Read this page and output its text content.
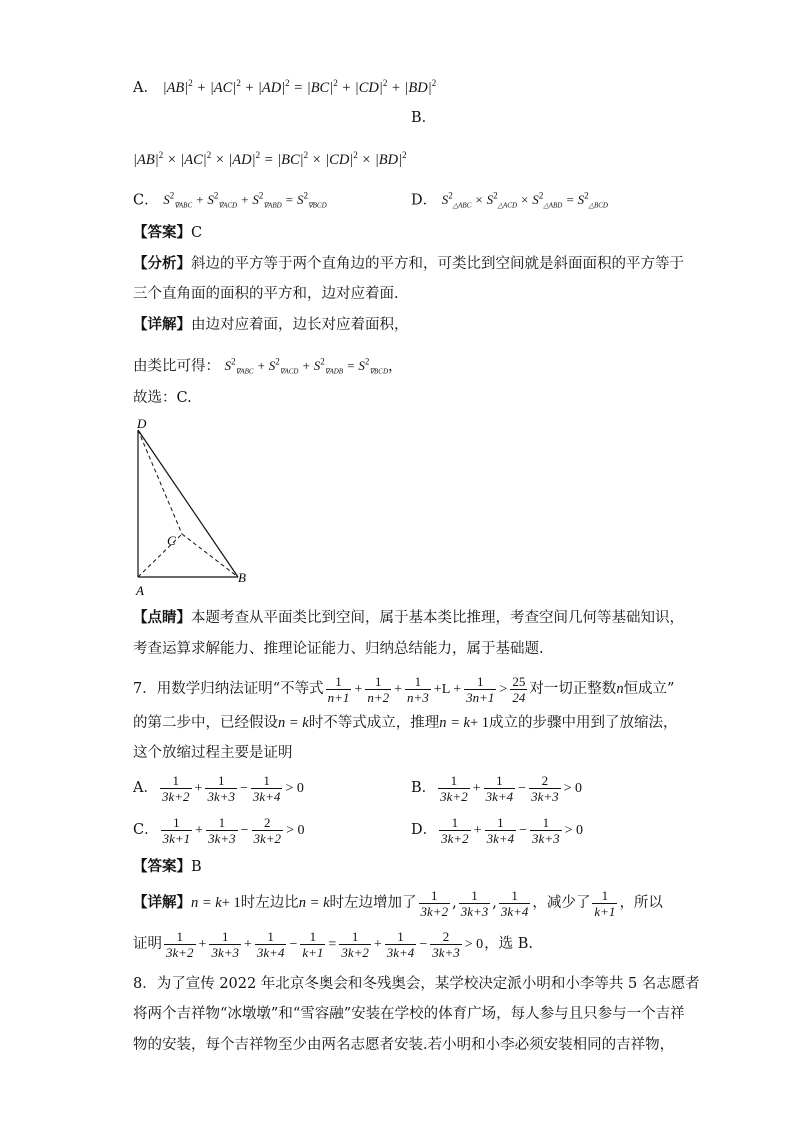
A． $|AB|^2 + |AC|^2 + |AD|^2 = |BC|^2 + |CD|^2 + |BD|^2$
B．
$|AB|^2 \times |AC|^2 \times |AD|^2 = |BC|^2 \times |CD|^2 \times |BD|^2$
C． $S^2_{\nabla ABC} + S^2_{\nabla ACD} + S^2_{\nabla ABD} = S^2_{\nabla BCD}$	D． $S^2_{\triangle ABC} \times S^2_{\triangle ACD} \times S^2_{\triangle ABD} = S^2_{\triangle BCD}$
【答案】C
【分析】斜边的平方等于两个直角边的平方和，可类比到空间就是斜面面积的平方等于
三个直角面的面积的平方和，边对应着面.
【详解】由边对应着面，边长对应着面积，
由类比可得： $S^2_{\nabla ABC} + S^2_{\nabla ACD} + S^2_{\nabla ADB} = S^2_{\nabla BCD}$，
故选：C.
D
C
A
B
【点睛】本题考查从平面类比到空间，属于基本类比推理，考查空间几何等基础知识，
考查运算求解能力、推理论证能力、归纳总结能力，属于基础题.
7．用数学归纳法证明“不等式 $\frac{1}{n+1} + \frac{1}{n+2} + \frac{1}{n+3} +L + \frac{1}{3n+1} > \frac{25}{24}$ 对一切正整数n恒成立”
的第二步中，已经假设n = k时不等式成立，推理n = k+ 1成立的步骤中用到了放缩法，
这个放缩过程主要是证明
A． $\frac{1}{3k+2} + \frac{1}{3k+3} - \frac{1}{3k+4} > 0$	B． $\frac{1}{3k+2} + \frac{1}{3k+4} - \frac{2}{3k+3} > 0$
C． $\frac{1}{3k+1} + \frac{1}{3k+3} - \frac{2}{3k+2} > 0$	D． $\frac{1}{3k+2} + \frac{1}{3k+4} - \frac{1}{3k+3} > 0$
【答案】B
【详解】n = k+ 1时左边比n = k时左边增加了 $\frac{1}{3k+2}$ , $\frac{1}{3k+3}$ , $\frac{1}{3k+4}$ ，减少了 $\frac{1}{k+1}$ ，所以
证明 $\frac{1}{3k+2} + \frac{1}{3k+3} + \frac{1}{3k+4} - \frac{1}{k+1} = \frac{1}{3k+2} + \frac{1}{3k+4} - \frac{2}{3k+3} > 0$，选 B.
8．为了宣传 2022 年北京冬奥会和冬残奥会，某学校决定派小明和小李等共 5 名志愿者
将两个吉祥物“冰墩墩”和“雪容融”安装在学校的体育广场，每人参与且只参与一个吉祥
物的安装，每个吉祥物至少由两名志愿者安装.若小明和小李必须安装相同的吉祥物，
